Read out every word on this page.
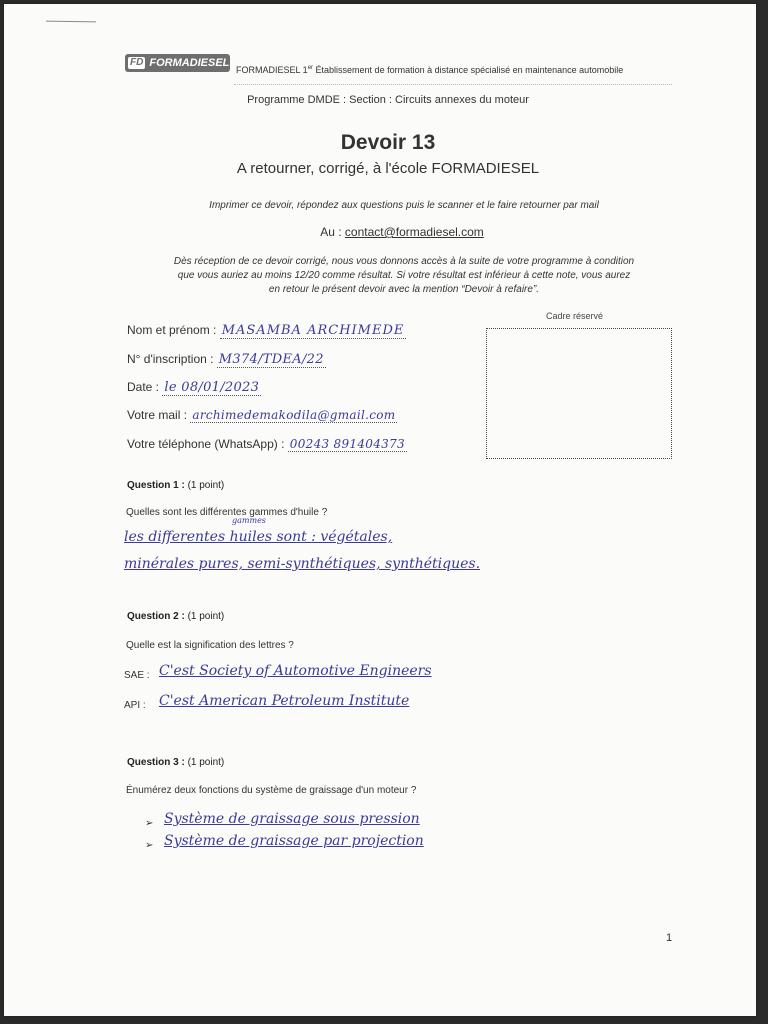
FD FORMADIESEL
FORMADIESEL 1er Établissement de formation à distance spécialisé en maintenance automobile
Programme DMDE : Section : Circuits annexes du moteur
Devoir 13
A retourner, corrigé, à l'école FORMADIESEL
Imprimer ce devoir, répondez aux questions puis le scanner et le faire retourner par mail
Au : contact@formadiesel.com
Dès réception de ce devoir corrigé, nous vous donnons accès à la suite de votre programme à condition
que vous auriez au moins 12/20 comme résultat. Si votre résultat est inférieur à cette note, vous aurez
en retour le présent devoir avec la mention “Devoir à refaire”.
Cadre réservé
Nom et prénom : MASAMBA ARCHIMEDE
N° d'inscription : M374/TDEA/22
Date : le 08/01/2023
Votre mail : archimedemakodila@gmail.com
Votre téléphone (WhatsApp) : 00243 891404373
Question 1 : (1 point)
Quelles sont les différentes gammes d'huile ?
gammes
les differentes huiles sont : végétales,
minérales pures, semi-synthétiques, synthétiques.
Question 2 : (1 point)
Quelle est la signification des lettres ?
SAE : C'est Society of Automotive Engineers
API : C'est American Petroleum Institute
Question 3 : (1 point)
Énumérez deux fonctions du système de graissage d'un moteur ?
➢ Système de graissage sous pression
➢ Système de graissage par projection
1
